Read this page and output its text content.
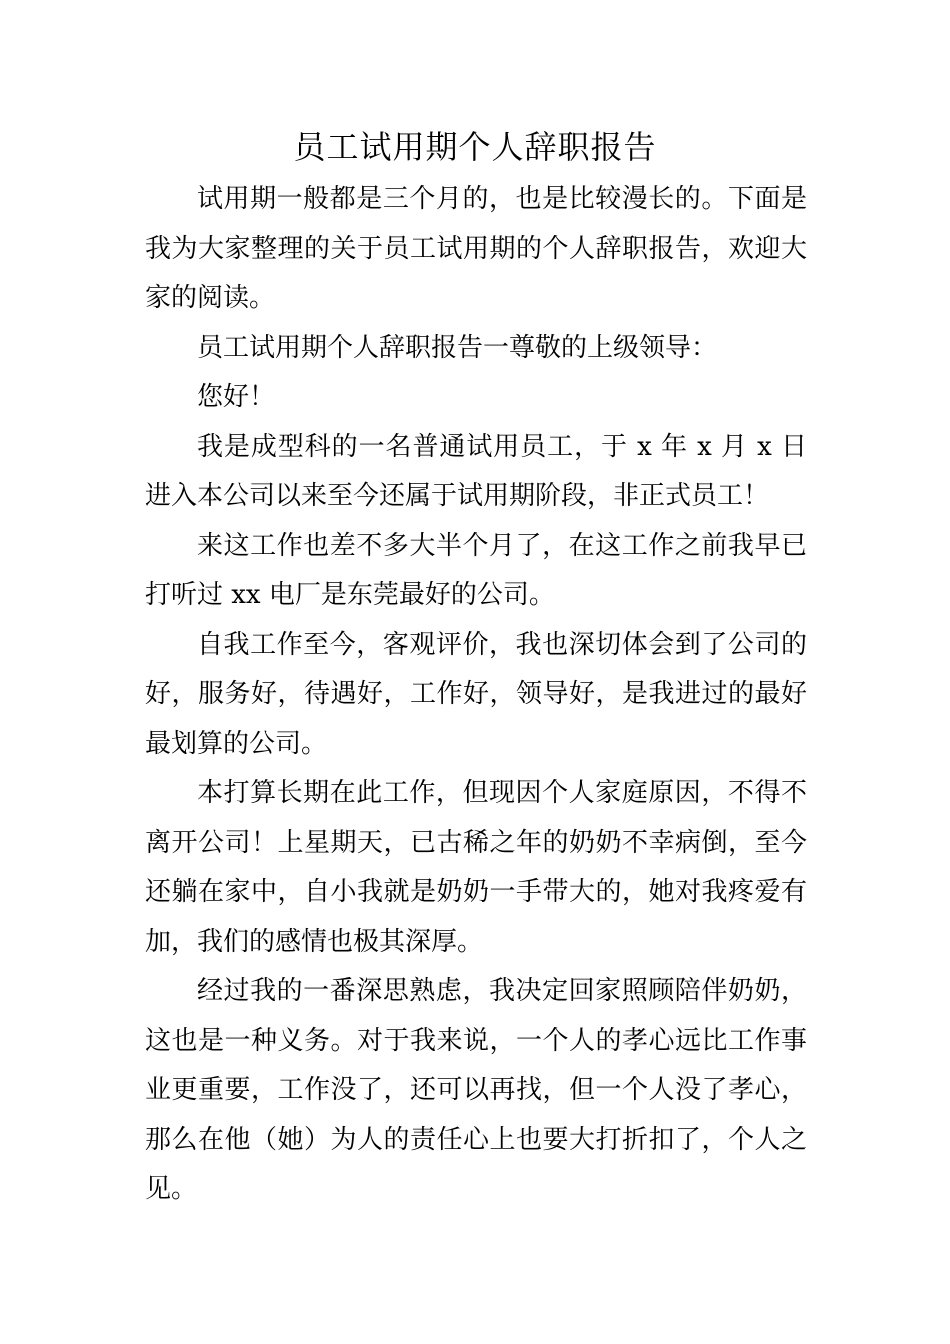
员工试用期个人辞职报告

试用期一般都是三个月的，也是比较漫长的。下面是我为大家整理的关于员工试用期的个人辞职报告，欢迎大家的阅读。

员工试用期个人辞职报告一尊敬的上级领导：

您好！

我是成型科的一名普通试用员工，于 x 年 x 月 x 日进入本公司以来至今还属于试用期阶段，非正式员工！

来这工作也差不多大半个月了，在这工作之前我早已打听过 xx 电厂是东莞最好的公司。

自我工作至今，客观评价，我也深切体会到了公司的好，服务好，待遇好，工作好，领导好，是我进过的最好最划算的公司。

本打算长期在此工作，但现因个人家庭原因，不得不离开公司！上星期天，已古稀之年的奶奶不幸病倒，至今还躺在家中，自小我就是奶奶一手带大的，她对我疼爱有加，我们的感情也极其深厚。

经过我的一番深思熟虑，我决定回家照顾陪伴奶奶，这也是一种义务。对于我来说，一个人的孝心远比工作事业更重要，工作没了，还可以再找，但一个人没了孝心，那么在他（她）为人的责任心上也要大打折扣了，个人之见。
